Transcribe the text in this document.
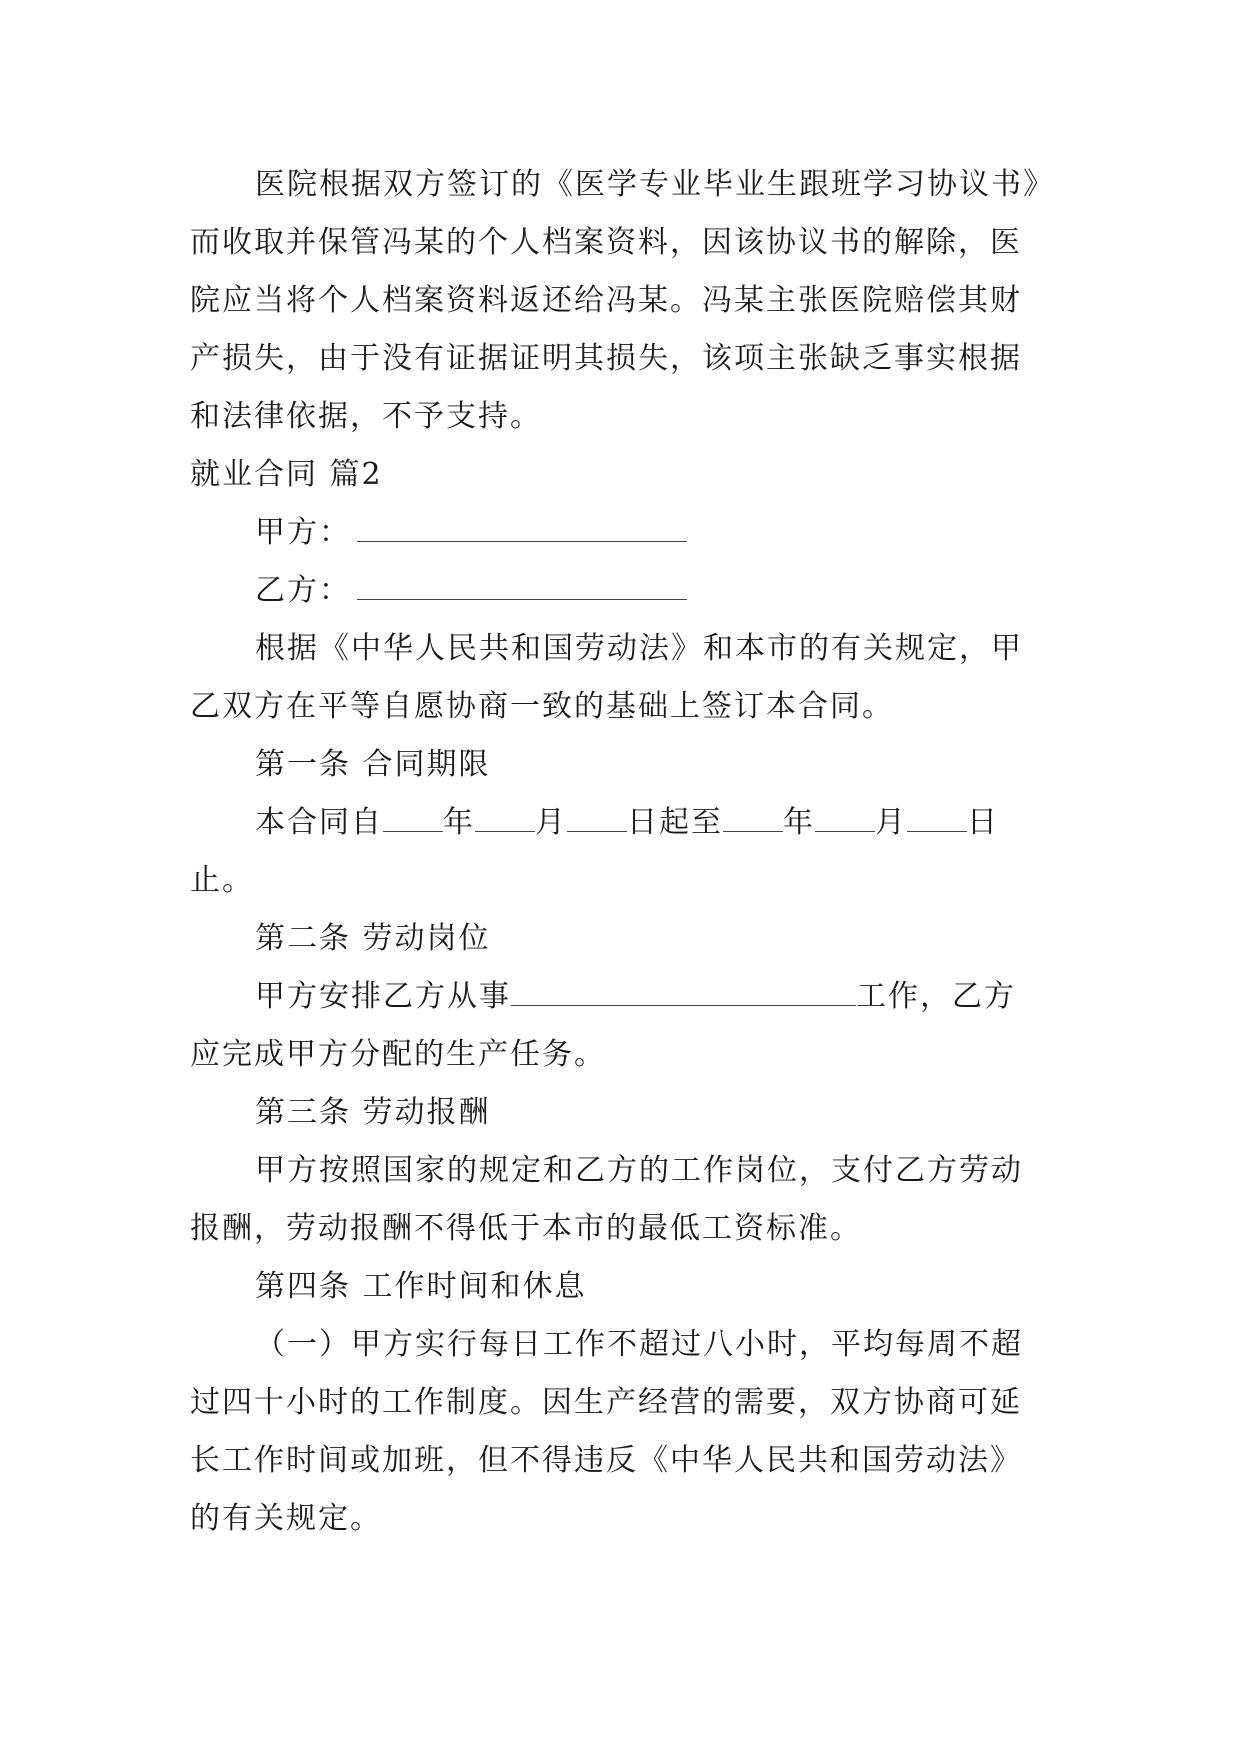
医院根据双方签订的《医学专业毕业生跟班学习协议书》
而收取并保管冯某的个人档案资料，因该协议书的解除，医
院应当将个人档案资料返还给冯某。冯某主张医院赔偿其财
产损失，由于没有证据证明其损失，该项主张缺乏事实根据
和法律依据，不予支持。
就业合同 篇2
甲方：
乙方：
根据《中华人民共和国劳动法》和本市的有关规定，甲
乙双方在平等自愿协商一致的基础上签订本合同。
第一条 合同期限
本合同自 年 月 日起至 年 月 日
止。
第二条 劳动岗位
甲方安排乙方从事	工作，乙方
应完成甲方分配的生产任务。
第三条 劳动报酬
甲方按照国家的规定和乙方的工作岗位，支付乙方劳动
报酬，劳动报酬不得低于本市的最低工资标准。
第四条 工作时间和休息
（一）甲方实行每日工作不超过八小时，平均每周不超
过四十小时的工作制度。因生产经营的需要，双方协商可延
长工作时间或加班，但不得违反《中华人民共和国劳动法》
的有关规定。
